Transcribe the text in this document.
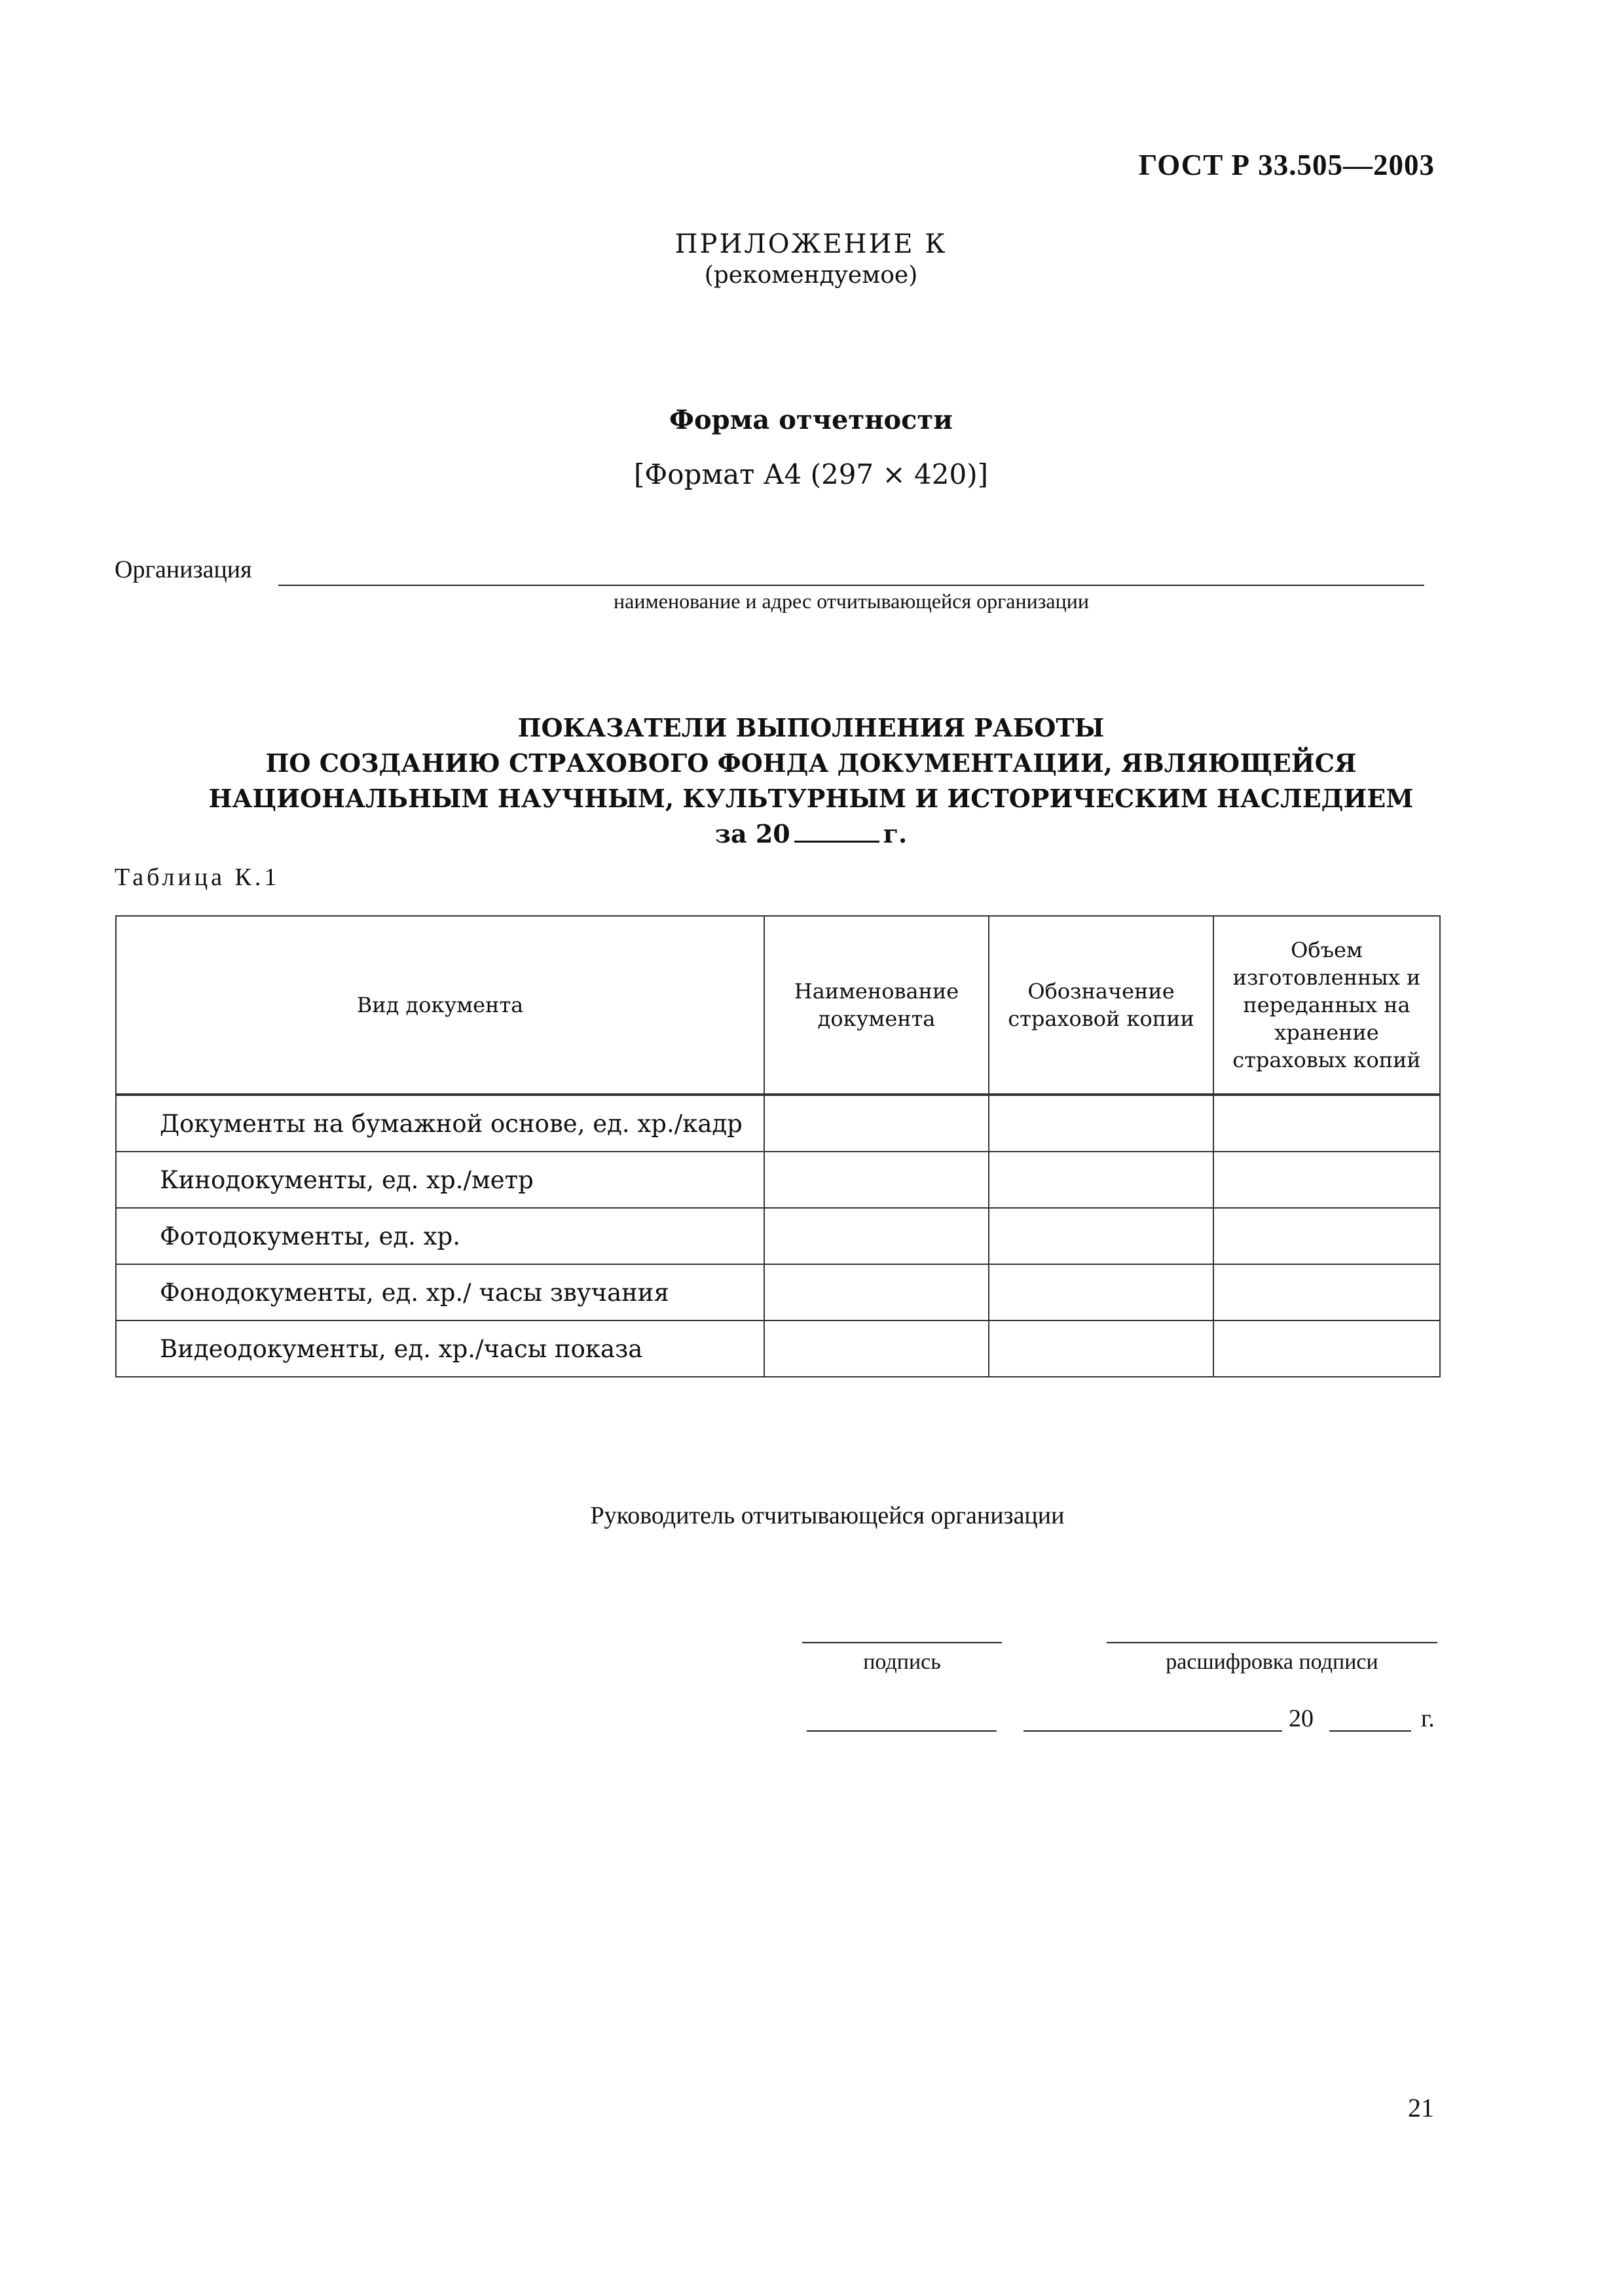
ГОСТ Р 33.505—2003
ПРИЛОЖЕНИЕ К
(рекомендуемое)
Форма отчетности
[Формат А4 (297 × 420)]
Организация
наименование и адрес отчитывающейся организации
ПОКАЗАТЕЛИ ВЫПОЛНЕНИЯ РАБОТЫ
ПО СОЗДАНИЮ СТРАХОВОГО ФОНДА ДОКУМЕНТАЦИИ, ЯВЛЯЮЩЕЙСЯ
НАЦИОНАЛЬНЫМ НАУЧНЫМ, КУЛЬТУРНЫМ И ИСТОРИЧЕСКИМ НАСЛЕДИЕМ
за 20	г.
Таблица К.1
Вид документа	Наименование документа	Обозначение страховой копии	Объем изготовленных и переданных на хранение страховых копий
Документы на бумажной основе, ед. хр./кадр			
Кинодокументы, ед. хр./метр			
Фотодокументы, ед. хр.			
Фонодокументы, ед. хр./ часы звучания			
Видеодокументы, ед. хр./часы показа			
Руководитель отчитывающейся организации
подпись	расшифровка подписи
20	г.
21
